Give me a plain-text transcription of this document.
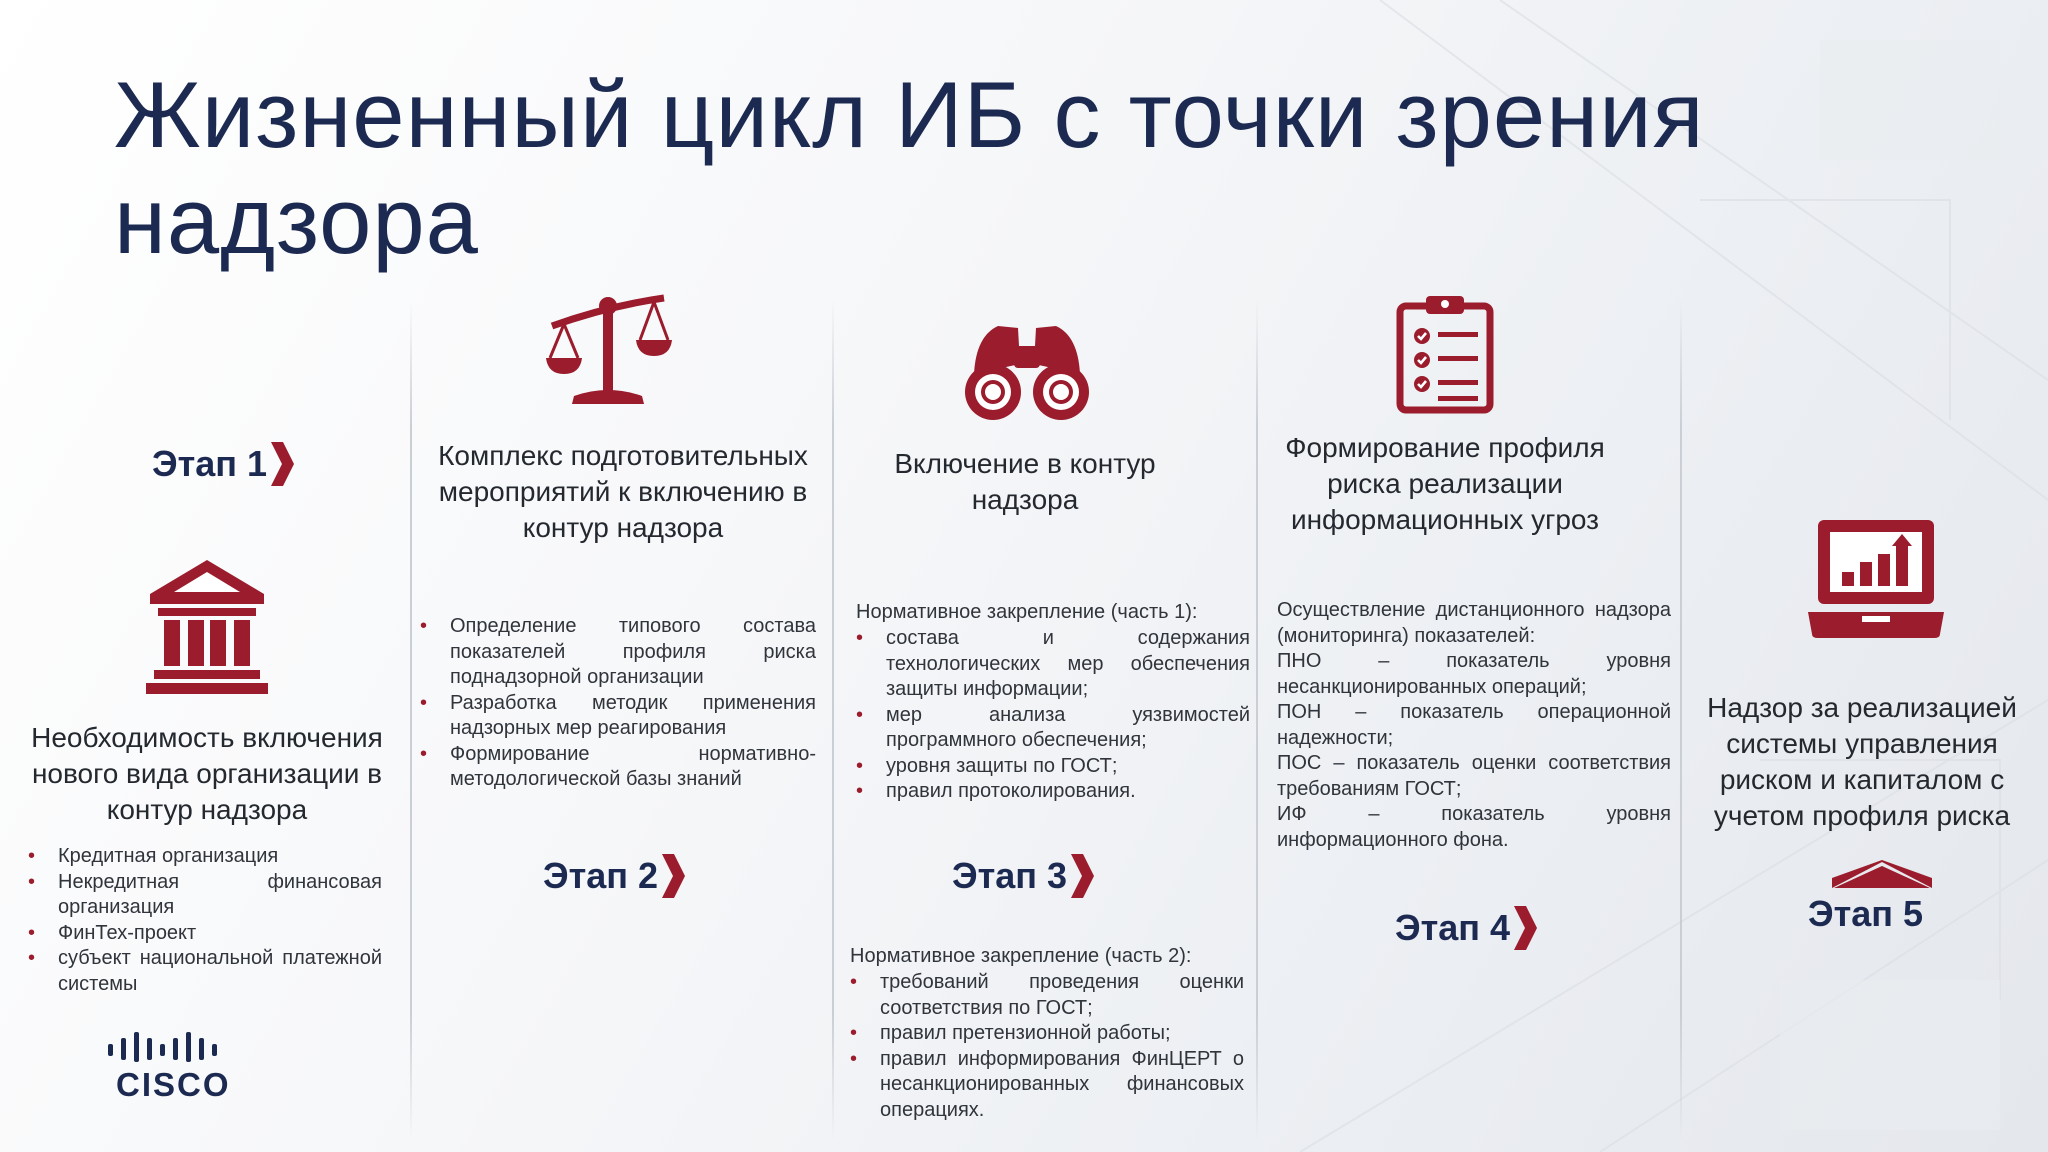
Жизненный цикл ИБ с точки зрения надзора
Этап 1
Необходимость включения нового вида организации в контур надзора
• Кредитная организация
• Некредитная финансовая организация
• ФинТех-проект
• субъект национальной платежной системы
CISCO
Комплекс подготовительных мероприятий к включению в контур надзора
• Определение типового состава показателей профиля риска поднадзорной организации
• Разработка методик применения надзорных мер реагирования
• Формирование нормативно-методологической базы знаний
Этап 2
Включение в контур надзора
Нормативное закрепление (часть 1):
• состава и содержания технологических мер обеспечения защиты информации;
• мер анализа уязвимостей программного обеспечения;
• уровня защиты по ГОСТ;
• правил протоколирования.
Этап 3
Нормативное закрепление (часть 2):
• требований проведения оценки соответствия по ГОСТ;
• правил претензионной работы;
• правил информирования ФинЦЕРТ о несанкционированных финансовых операциях.
Формирование профиля риска реализации информационных угроз
Осуществление дистанционного надзора (мониторинга) показателей:
ПНО – показатель уровня несанкционированных операций;
ПОН – показатель операционной надежности;
ПОС – показатель оценки соответствия требованиям ГОСТ;
ИФ – показатель уровня информационного фона.
Этап 4
Надзор за реализацией системы управления риском и капиталом с учетом профиля риска
Этап 5
